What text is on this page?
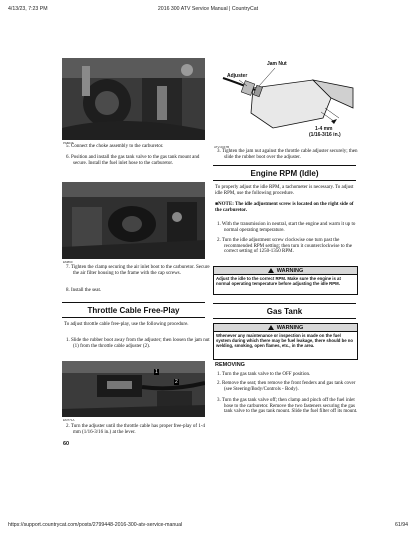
4/13/23, 7:23 PM	2016 300 ATV Service Manual | CountryCat
PF5046
5. Connect the choke assembly to the carburetor.
6. Position and install the gas tank valve to the gas tank mount and secure. Install the fuel inlet hose to the carburetor.
EM890
7. Tighten the clamp securing the air inlet boot to the carburetor. Secure the air filter housing to the frame with the cap screws.
8. Install the seat.
Throttle Cable Free-Play
To adjust throttle cable free-play, use the following procedure.
1. Slide the rubber boot away from the adjuster; then loosen the jam nut (1) from the throttle cable adjuster (2).
1
2
EM771A
2. Turn the adjuster until the throttle cable has proper free-play of 1-4 mm (1/16-3/16 in.) at the lever.
60
Jam Nut
Adjuster
1-4 mm
(1/16-3/16 in.)
ATV-0047B
3. Tighten the jam nut against the throttle cable adjuster securely; then slide the rubber boot over the adjuster.
Engine RPM (Idle)
To properly adjust the idle RPM, a tachometer is necessary. To adjust idle RPM, use the following procedure.
■NOTE: The idle adjustment screw is located on the right side of the carburetor.
1. With the transmission in neutral, start the engine and warm it up to normal operating temperature.
2. Turn the idle adjustment screw clockwise one turn past the recommended RPM setting; then turn it counterclockwise to the correct setting of 1250-1350 RPM.
WARNING
Adjust the idle to the correct RPM. Make sure the engine is at normal operating temperature before adjusting the idle RPM.
Gas Tank
WARNING
Whenever any maintenance or inspection is made on the fuel system during which there may be fuel leakage, there should be no welding, smoking, open flames, etc., in the area.
REMOVING
1. Turn the gas tank valve to the OFF position.
2. Remove the seat; then remove the front fenders and gas tank cover (see Steering/Body/Controls - Body).
3. Turn the gas tank valve off; then clamp and pinch off the fuel inlet hose to the carburetor. Remove the two fasteners securing the gas tank valve to the gas tank mount. Slide the fuel filter off its mount.
https://support.countrycat.com/posts/2799448-2016-300-atv-service-manual	61/94
